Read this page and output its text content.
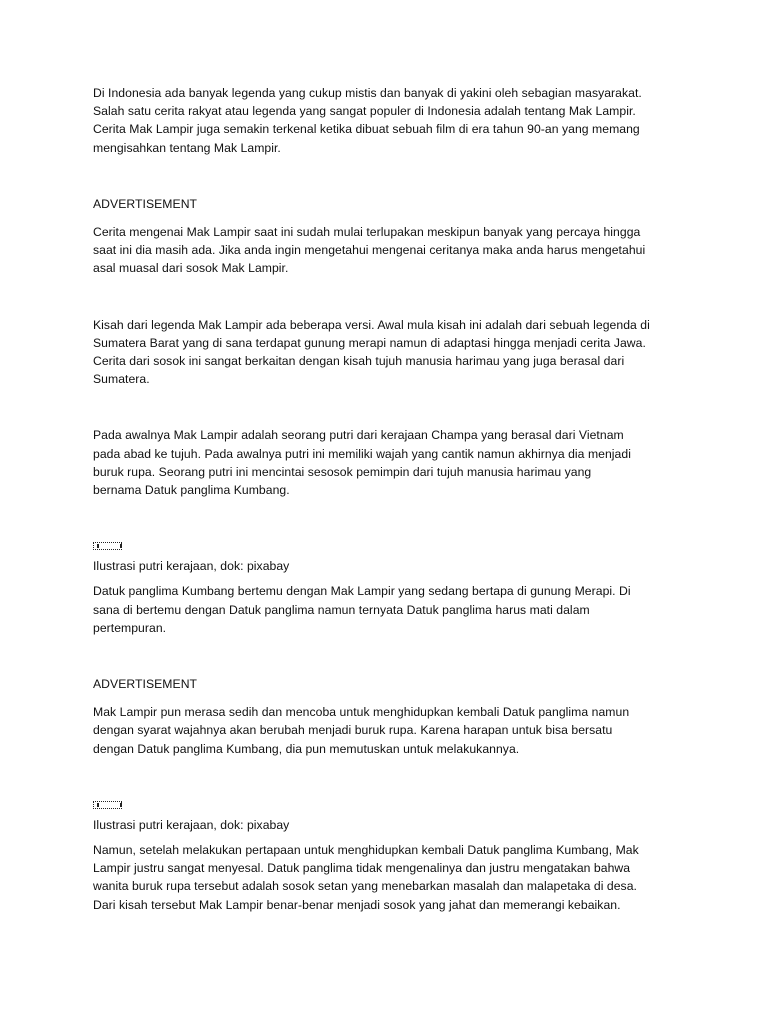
Di Indonesia ada banyak legenda yang cukup mistis dan banyak di yakini oleh sebagian masyarakat.
Salah satu cerita rakyat atau legenda yang sangat populer di Indonesia adalah tentang Mak Lampir.
Cerita Mak Lampir juga semakin terkenal ketika dibuat sebuah film di era tahun 90-an yang memang
mengisahkan tentang Mak Lampir.

ADVERTISEMENT

Cerita mengenai Mak Lampir saat ini sudah mulai terlupakan meskipun banyak yang percaya hingga
saat ini dia masih ada. Jika anda ingin mengetahui mengenai ceritanya maka anda harus mengetahui
asal muasal dari sosok Mak Lampir.

Kisah dari legenda Mak Lampir ada beberapa versi. Awal mula kisah ini adalah dari sebuah legenda di
Sumatera Barat yang di sana terdapat gunung merapi namun di adaptasi hingga menjadi cerita Jawa.
Cerita dari sosok ini sangat berkaitan dengan kisah tujuh manusia harimau yang juga berasal dari
Sumatera.

Pada awalnya Mak Lampir adalah seorang putri dari kerajaan Champa yang berasal dari Vietnam
pada abad ke tujuh. Pada awalnya putri ini memiliki wajah yang cantik namun akhirnya dia menjadi
buruk rupa. Seorang putri ini mencintai sesosok pemimpin dari tujuh manusia harimau yang
bernama Datuk panglima Kumbang.

Ilustrasi putri kerajaan, dok: pixabay

Datuk panglima Kumbang bertemu dengan Mak Lampir yang sedang bertapa di gunung Merapi. Di
sana di bertemu dengan Datuk panglima namun ternyata Datuk panglima harus mati dalam
pertempuran.

ADVERTISEMENT

Mak Lampir pun merasa sedih dan mencoba untuk menghidupkan kembali Datuk panglima namun
dengan syarat wajahnya akan berubah menjadi buruk rupa. Karena harapan untuk bisa bersatu
dengan Datuk panglima Kumbang, dia pun memutuskan untuk melakukannya.

Ilustrasi putri kerajaan, dok: pixabay

Namun, setelah melakukan pertapaan untuk menghidupkan kembali Datuk panglima Kumbang, Mak
Lampir justru sangat menyesal. Datuk panglima tidak mengenalinya dan justru mengatakan bahwa
wanita buruk rupa tersebut adalah sosok setan yang menebarkan masalah dan malapetaka di desa.
Dari kisah tersebut Mak Lampir benar-benar menjadi sosok yang jahat dan memerangi kebaikan.
